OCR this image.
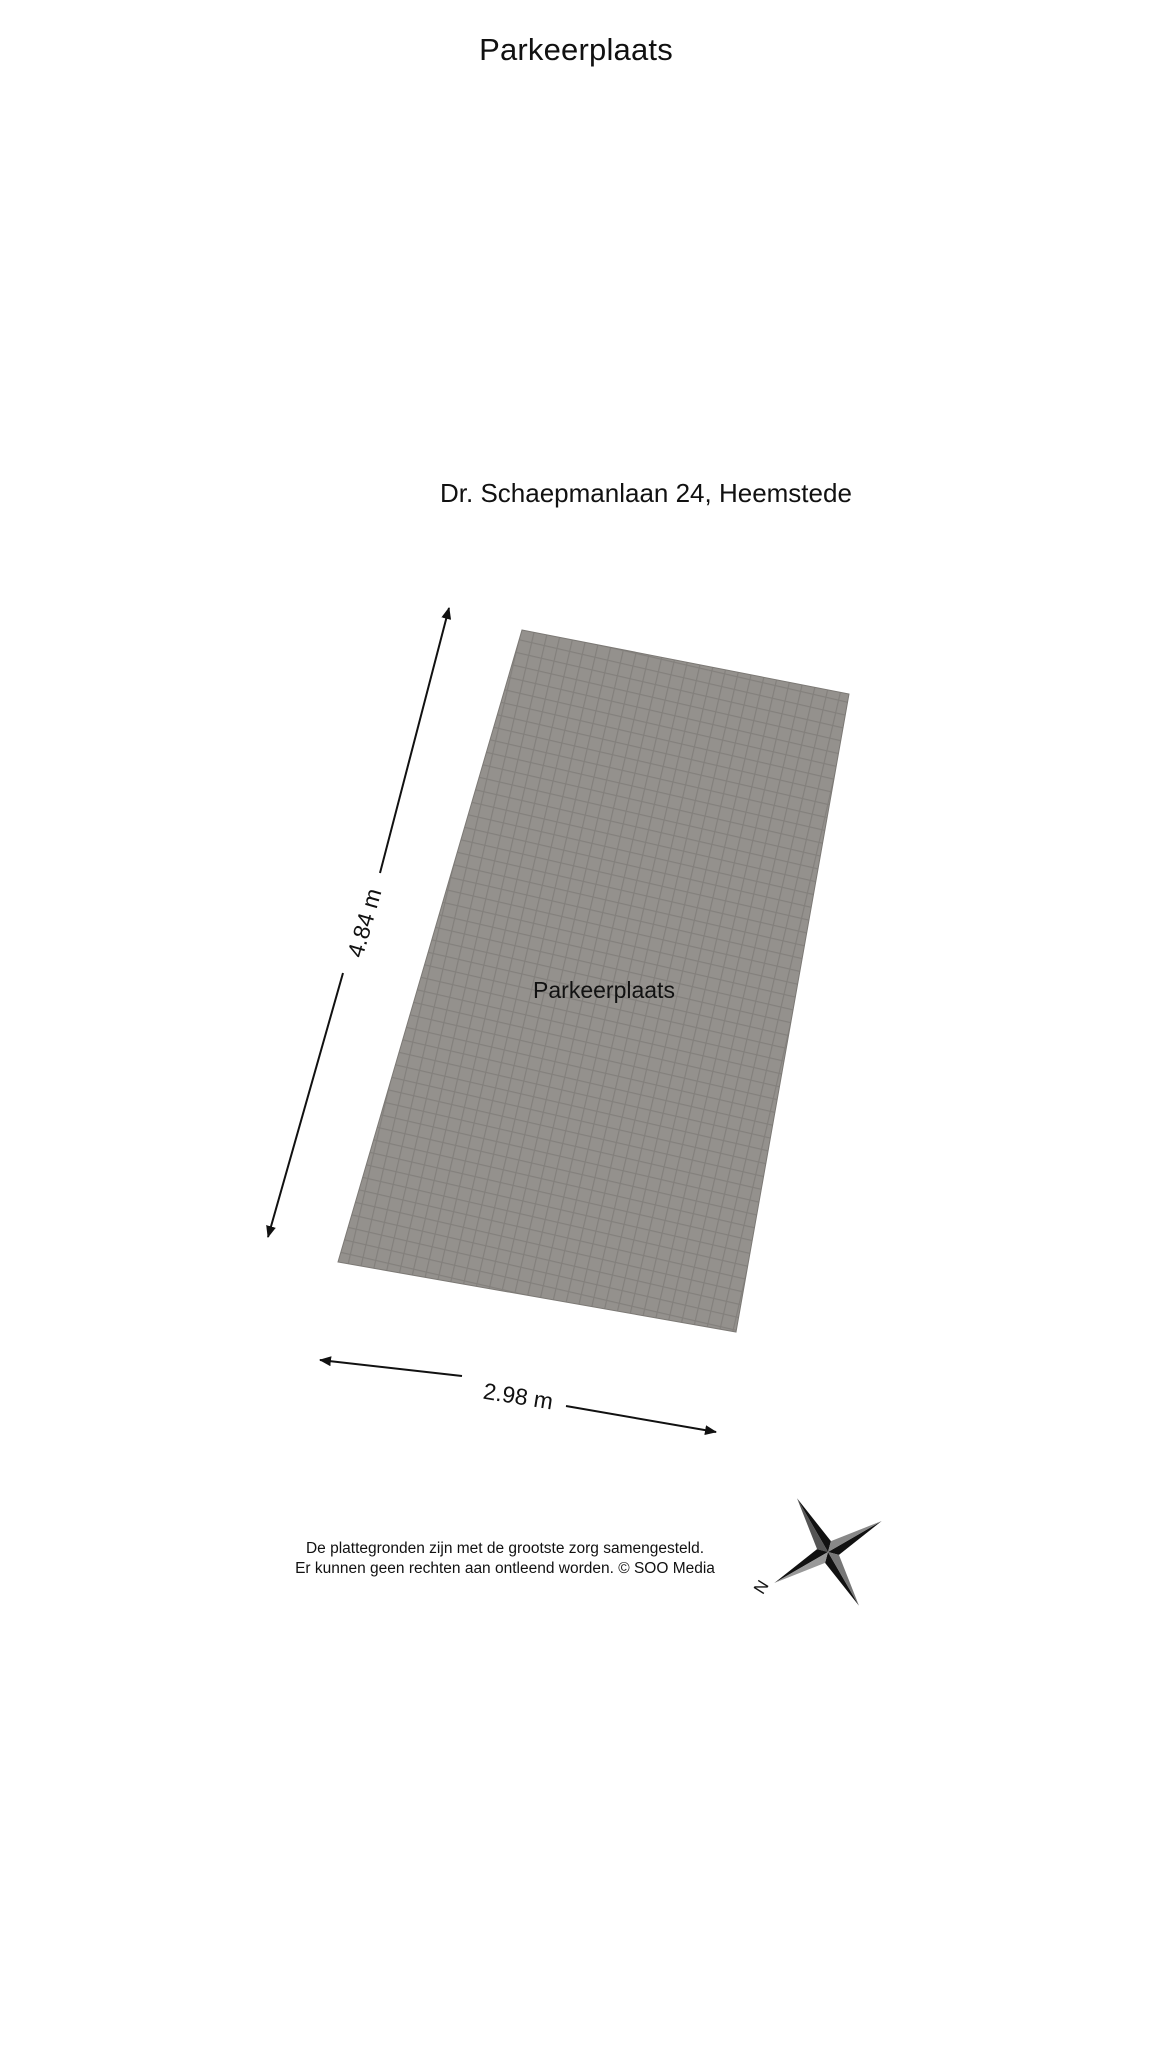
Parkeerplaats
Dr. Schaepmanlaan 24, Heemstede
Parkeerplaats
4.84 m
2.98 m
N
De plattegronden zijn met de grootste zorg samengesteld.
Er kunnen geen rechten aan ontleend worden. © SOO Media
